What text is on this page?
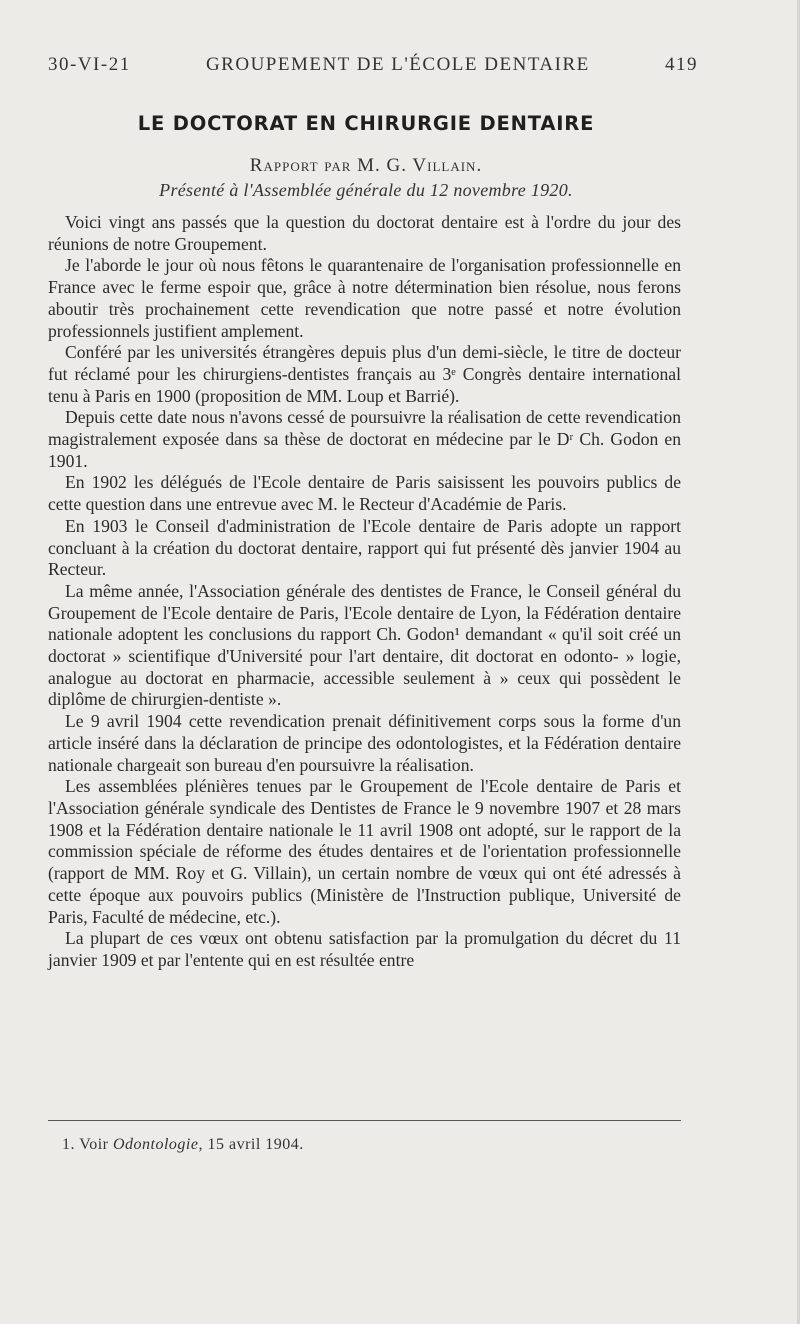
30-VI-21	GROUPEMENT DE L'ÉCOLE DENTAIRE	419
LE DOCTORAT EN CHIRURGIE DENTAIRE
Rapport par M. G. Villain.
Présenté à l'Assemblée générale du 12 novembre 1920.

Voici vingt ans passés que la question du doctorat dentaire est à l'ordre du jour des réunions de notre Groupement.

Je l'aborde le jour où nous fêtons le quarantenaire de l'organisation professionnelle en France avec le ferme espoir que, grâce à notre détermination bien résolue, nous ferons aboutir très prochainement cette revendication que notre passé et notre évolution professionnels justifient amplement.

Conféré par les universités étrangères depuis plus d'un demi-siècle, le titre de docteur fut réclamé pour les chirurgiens-dentistes français au 3ᵉ Congrès dentaire international tenu à Paris en 1900 (proposition de MM. Loup et Barrié).

Depuis cette date nous n'avons cessé de poursuivre la réalisation de cette revendication magistralement exposée dans sa thèse de doctorat en médecine par le Dʳ Ch. Godon en 1901.

En 1902 les délégués de l'Ecole dentaire de Paris saisissent les pouvoirs publics de cette question dans une entrevue avec M. le Recteur d'Académie de Paris.

En 1903 le Conseil d'administration de l'Ecole dentaire de Paris adopte un rapport concluant à la création du doctorat dentaire, rapport qui fut présenté dès janvier 1904 au Recteur.

La même année, l'Association générale des dentistes de France, le Conseil général du Groupement de l'Ecole dentaire de Paris, l'Ecole dentaire de Lyon, la Fédération dentaire nationale adoptent les conclusions du rapport Ch. Godon¹ demandant « qu'il soit créé un doctorat » scientifique d'Université pour l'art dentaire, dit doctorat en odonto- » logie, analogue au doctorat en pharmacie, accessible seulement à » ceux qui possèdent le diplôme de chirurgien-dentiste ».

Le 9 avril 1904 cette revendication prenait définitivement corps sous la forme d'un article inséré dans la déclaration de principe des odontologistes, et la Fédération dentaire nationale chargeait son bureau d'en poursuivre la réalisation.

Les assemblées plénières tenues par le Groupement de l'Ecole dentaire de Paris et l'Association générale syndicale des Dentistes de France le 9 novembre 1907 et 28 mars 1908 et la Fédération dentaire nationale le 11 avril 1908 ont adopté, sur le rapport de la commission spéciale de réforme des études dentaires et de l'orientation professionnelle (rapport de MM. Roy et G. Villain), un certain nombre de vœux qui ont été adressés à cette époque aux pouvoirs publics (Ministère de l'Instruction publique, Université de Paris, Faculté de médecine, etc.).

La plupart de ces vœux ont obtenu satisfaction par la promulgation du décret du 11 janvier 1909 et par l'entente qui en est résultée entre

1. Voir Odontologie, 15 avril 1904.
